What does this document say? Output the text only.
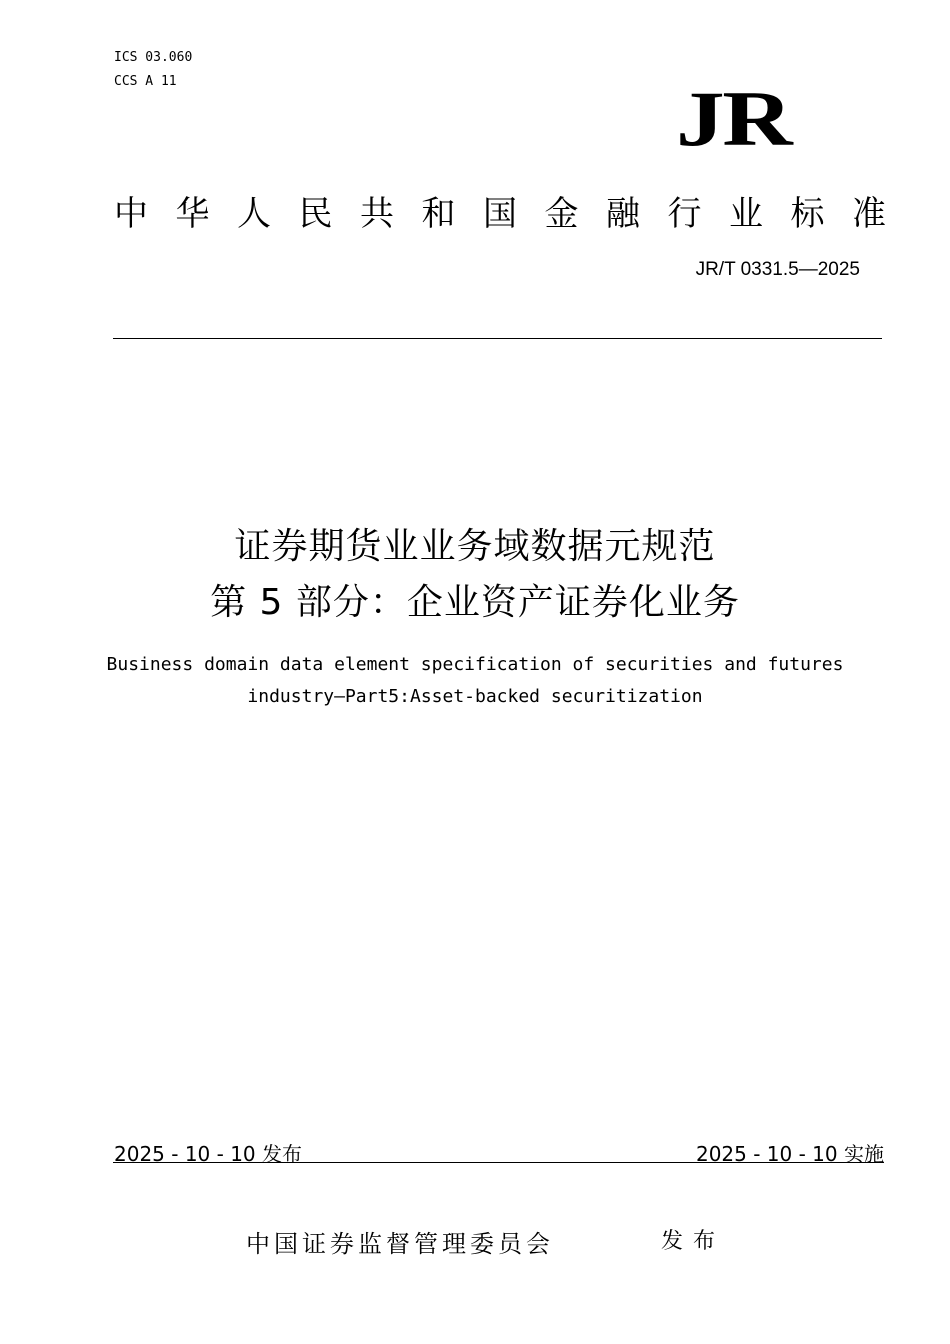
ICS 03.060
CCS A 11	JR
中 华 人 民 共 和 国 金 融 行 业 标 准
JR/T 0331.5—2025
证券期货业业务域数据元规范
第 5 部分：企业资产证券化业务
Business domain data element specification of securities and futures
industry—Part5:Asset-backed securitization
2025 - 10 - 10 发布	2025 - 10 - 10 实施
中国证券监督管理委员会	发布
